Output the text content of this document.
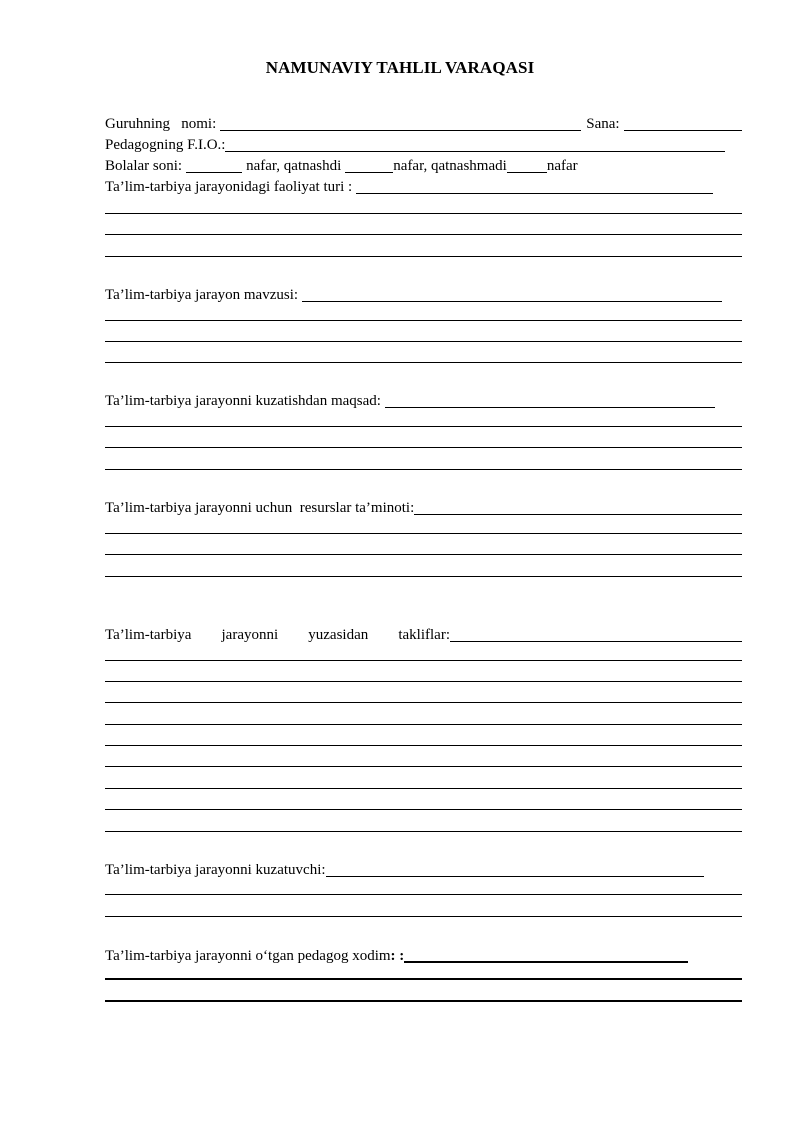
NAMUNAVIY TAHLIL VARAQASI
Guruhning   nomi:	Sana:
Pedagogning F.I.O.:
Bolalar soni:	nafar, qatnashdi	nafar, qatnashmadi	nafar
Ta’lim-tarbiya jarayonidagi faoliyat turi :
Ta’lim-tarbiya jarayon mavzusi:
Ta’lim-tarbiya jarayonni kuzatishdan maqsad:
Ta’lim-tarbiya jarayonni uchun  resurslar ta’minoti:
Ta’lim-tarbiya jarayonni yuzasidan takliflar:
Ta’lim-tarbiya jarayonni kuzatuvchi:
Ta’lim-tarbiya jarayonni o‘tgan pedagog xodim : :
